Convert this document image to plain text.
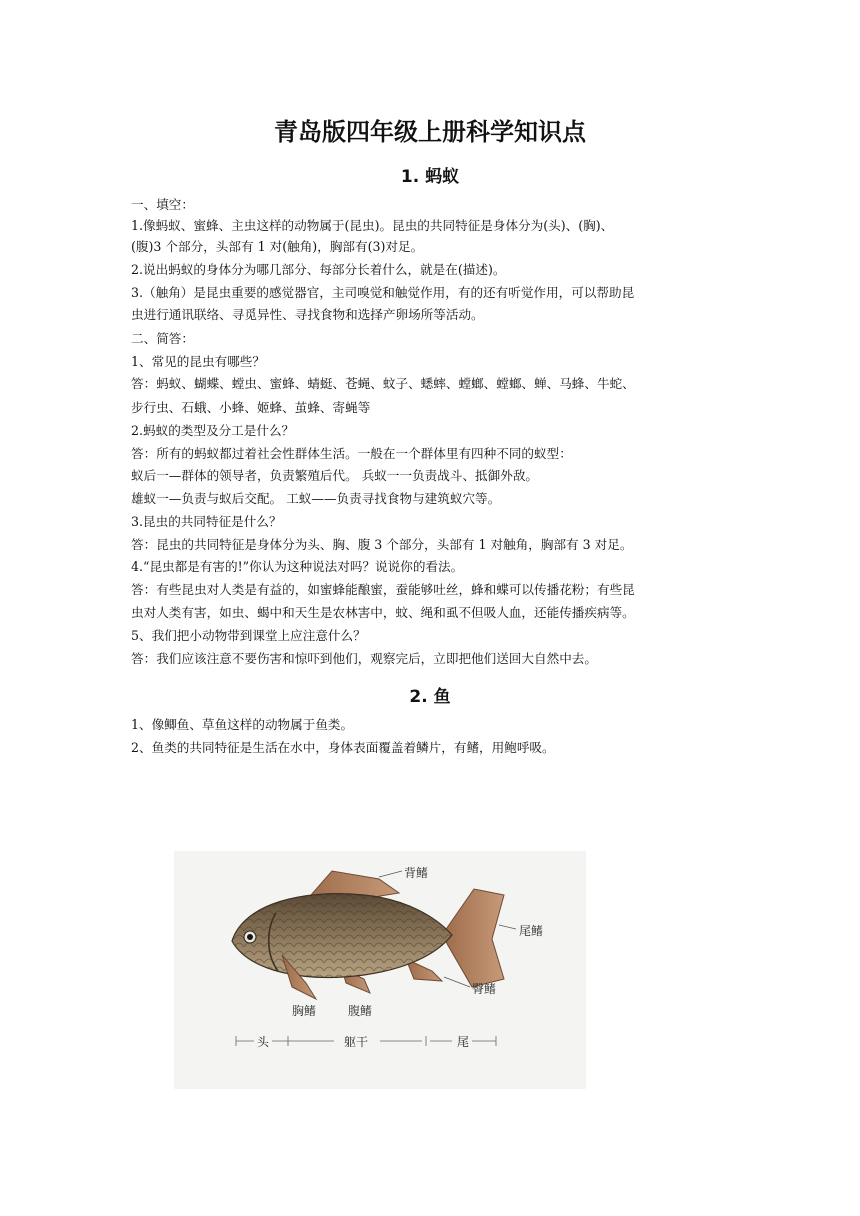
青岛版四年级上册科学知识点
1. 蚂蚁

一、填空：

1.像蚂蚁、蜜蜂、主虫这样的动物属于(昆虫)。昆虫的共同特征是身体分为(头)、(胸)、

(腹)3 个部分，头部有 1 对(触角)，胸部有(3)对足。

2.说出蚂蚁的身体分为哪几部分、每部分长着什么，就是在(描述)。

3.（触角）是昆虫重要的感觉器官，主司嗅觉和触觉作用，有的还有听觉作用，可以帮助昆

虫进行通讯联络、寻觅异性、寻找食物和选择产卵场所等活动。

二、简答：

1、常见的昆虫有哪些？

答：蚂蚁、蝴蝶、螳虫、蜜蜂、蜻蜓、苍蝇、蚊子、蟋蟀、螳螂、螳螂、蝉、马蜂、牛蛇、

步行虫、石蛾、小蜂、姬蜂、茧蜂、寄蝇等

2.蚂蚁的类型及分工是什么？

答：所有的蚂蚁都过着社会性群体生活。一般在一个群体里有四种不同的蚁型：

蚁后一—群体的领导者，负责繁殖后代。 兵蚁一一负责战斗、抵御外敌。

雄蚁一—负责与蚁后交配。 工蚁——负责寻找食物与建筑蚁穴等。

3.昆虫的共同特征是什么？

答：昆虫的共同特征是身体分为头、胸、腹 3 个部分，头部有 1 对触角，胸部有 3 对足。

4.“昆虫都是有害的!”你认为这种说法对吗？说说你的看法。

答：有些昆虫对人类是有益的，如蜜蜂能酿蜜，蚕能够吐丝，蜂和蝶可以传播花粉；有些昆

虫对人类有害，如虫、蝎中和天生是农林害中，蚊、绳和虱不但吸人血，还能传播疾病等。

5、我们把小动物带到课堂上应注意什么？

答：我们应该注意不要伤害和惊吓到他们，观察完后，立即把他们送回大自然中去。

2. 鱼

1、像鲫鱼、草鱼这样的动物属于鱼类。

2、鱼类的共同特征是生活在水中，身体表面覆盖着鳞片，有鳍，用鲍呼吸。

背鳍
尾鳍
臀鳍
胸鳍	腹鳍
头	躯干	尾
